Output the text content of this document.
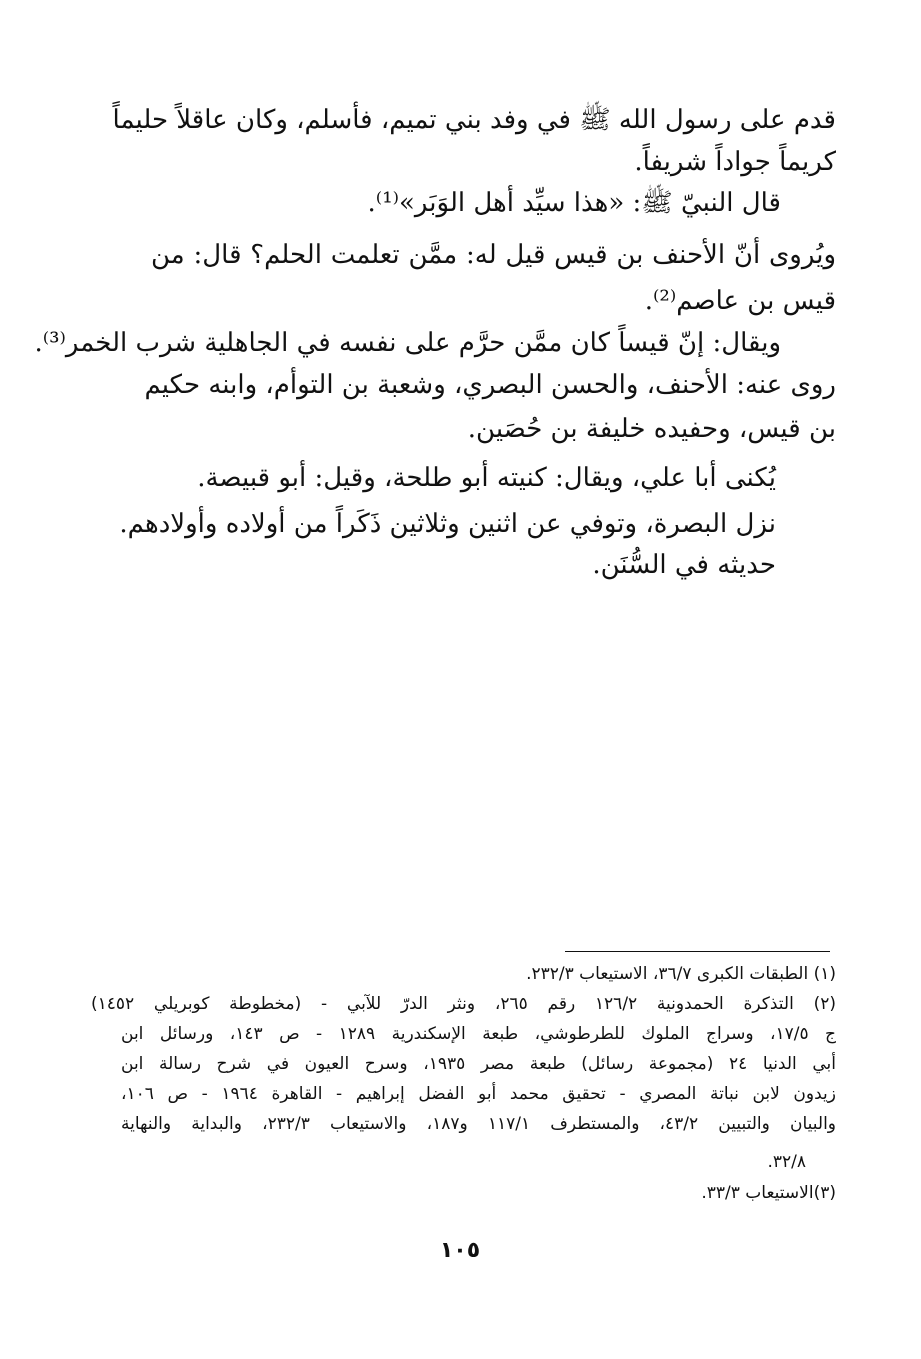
قدم على رسول الله ﷺ في وفد بني تميم، فأسلم، وكان عاقلاً حليماً
كريماً جواداً شريفاً.
قال النبيّ ﷺ: «هذا سيِّد أهل الوَبَر»⁽¹⁾.
ويُروى أنّ الأحنف بن قيس قيل له: ممَّن تعلمت الحلم؟ قال: من
قيس بن عاصم⁽²⁾.
ويقال: إنّ قيساً كان ممَّن حرَّم على نفسه في الجاهلية شرب الخمر⁽³⁾.
روى عنه: الأحنف، والحسن البصري، وشعبة بن التوأم، وابنه حكيم
بن قيس، وحفيده خليفة بن حُصَين.
يُكنى أبا علي، ويقال: كنيته أبو طلحة، وقيل: أبو قبيصة.
نزل البصرة، وتوفي عن اثنين وثلاثين ذَكَراً من أولاده وأولادهم.
حديثه في السُّنَن.
(١) الطبقات الكبرى ٣٦/٧، الاستيعاب ٢٣٢/٣.
(٢) التذكرة الحمدونية ١٢٦/٢ رقم ٢٦٥، ونثر الدرّ للآبي - (مخطوطة كوبريلي ١٤٥٢)
ج ١٧/٥، وسراج الملوك للطرطوشي، طبعة الإسكندرية ١٢٨٩ - ص ١٤٣، ورسائل ابن
أبي الدنيا ٢٤ (مجموعة رسائل) طبعة مصر ١٩٣٥، وسرح العيون في شرح رسالة ابن
زيدون لابن نباتة المصري - تحقيق محمد أبو الفضل إبراهيم - القاهرة ١٩٦٤ - ص ١٠٦،
والبيان والتبيين ٤٣/٢، والمستطرف ١١٧/١ و١٨٧، والاستيعاب ٢٣٢/٣، والبداية والنهاية
٣٢/٨.
(٣)الاستيعاب ٣٣/٣.
١٠٥
